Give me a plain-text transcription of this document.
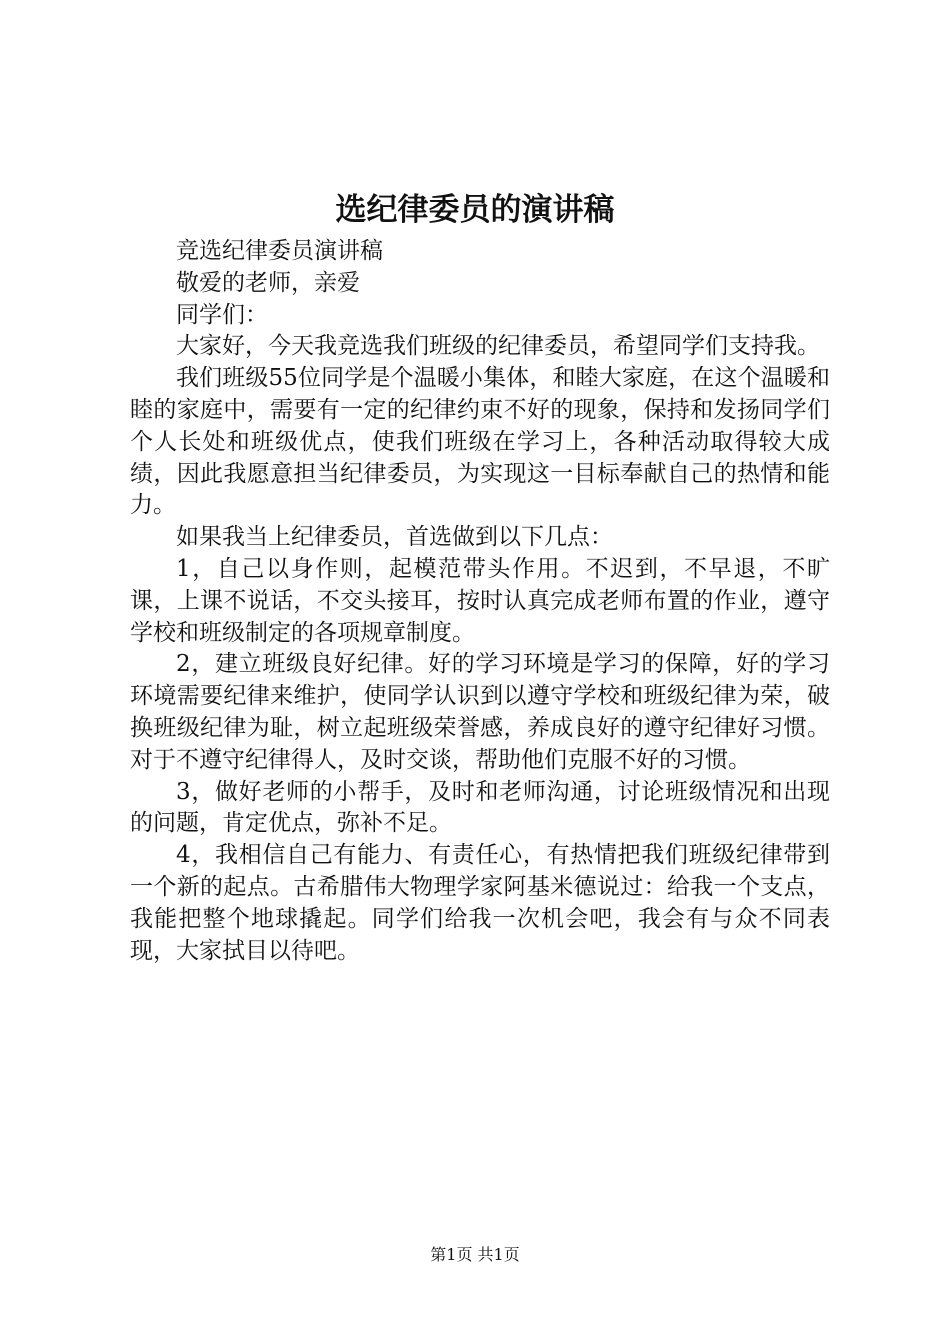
选纪律委员的演讲稿

竞选纪律委员演讲稿

敬爱的老师，亲爱

同学们：

大家好，今天我竞选我们班级的纪律委员，希望同学们支持我。

我们班级55位同学是个温暖小集体，和睦大家庭，在这个温暖和睦的家庭中，需要有一定的纪律约束不好的现象，保持和发扬同学们个人长处和班级优点，使我们班级在学习上，各种活动取得较大成绩，因此我愿意担当纪律委员，为实现这一目标奉献自己的热情和能力。

如果我当上纪律委员，首选做到以下几点：

1，自己以身作则，起模范带头作用。不迟到，不早退，不旷课，上课不说话，不交头接耳，按时认真完成老师布置的作业，遵守学校和班级制定的各项规章制度。

2，建立班级良好纪律。好的学习环境是学习的保障，好的学习环境需要纪律来维护，使同学认识到以遵守学校和班级纪律为荣，破换班级纪律为耻，树立起班级荣誉感，养成良好的遵守纪律好习惯。对于不遵守纪律得人，及时交谈，帮助他们克服不好的习惯。

3，做好老师的小帮手，及时和老师沟通，讨论班级情况和出现的问题，肯定优点，弥补不足。

4，我相信自己有能力、有责任心，有热情把我们班级纪律带到一个新的起点。古希腊伟大物理学家阿基米德说过：给我一个支点，我能把整个地球撬起。同学们给我一次机会吧，我会有与众不同表现，大家拭目以待吧。

第1页 共1页
